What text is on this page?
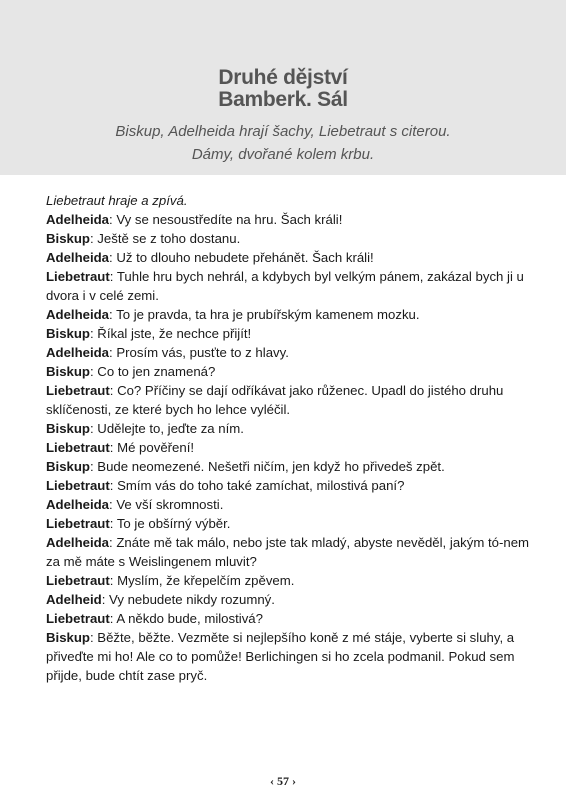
Druhé dějství
Bamberk. Sál
Biskup, Adelheida hrají šachy, Liebetraut s citerou.
Dámy, dvořané kolem krbu.

Liebetraut hraje a zpívá.

Adelheida: Vy se nesoustředíte na hru. Šach králi!

Biskup: Ještě se z toho dostanu.

Adelheida: Už to dlouho nebudete přehánět. Šach králi!

Liebetraut: Tuhle hru bych nehrál, a kdybych byl velkým pánem, zakázal bych ji u dvora i v celé zemi.

Adelheida: To je pravda, ta hra je prubířským kamenem mozku.

Biskup: Říkal jste, že nechce přijít!

Adelheida: Prosím vás, pusťte to z hlavy.

Biskup: Co to jen znamená?

Liebetraut: Co? Příčiny se dají odříkávat jako růženec. Upadl do jistého druhu sklíčenosti, ze které bych ho lehce vyléčil.

Biskup: Udělejte to, jeďte za ním.

Liebetraut: Mé pověření!

Biskup: Bude neomezené. Nešetři ničím, jen když ho přivedeš zpět.

Liebetraut: Smím vás do toho také zamíchat, milostivá paní?

Adelheida: Ve vší skromnosti.

Liebetraut: To je obšírný výběr.

Adelheida: Znáte mě tak málo, nebo jste tak mladý, abyste nevěděl, jakým tó-nem za mě máte s Weislingenem mluvit?

Liebetraut: Myslím, že křepelčím zpěvem.

Adelheid: Vy nebudete nikdy rozumný.

Liebetraut: A někdo bude, milostivá?

Biskup: Běžte, běžte. Vezměte si nejlepšího koně z mé stáje, vyberte si sluhy, a přiveďte mi ho! Ale co to pomůže! Berlichingen si ho zcela podmanil. Pokud sem přijde, bude chtít zase pryč.

‹ 57 ›
